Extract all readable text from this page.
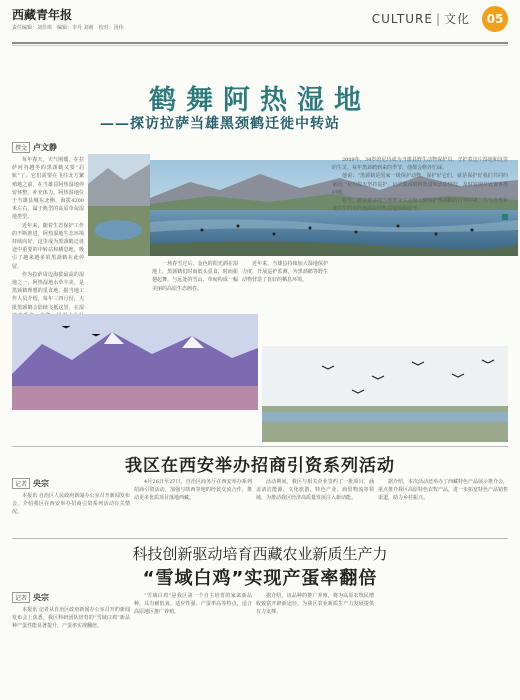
西藏青年报
责任编辑：刘佳琪　编辑：李丹 刘萌　校对：汤伟
CULTURE | 文化	05
鹤舞阿热湿地
——探访拉萨当雄黑颈鹤迁徙中转站
撰文 卢文静

每年春天，天气刚暖，在拉萨河谷越冬的黑颈鹤又要“启航”了。它们需要在飞往北方繁殖地之前，在当雄县阿热湿地停留休整，补充体力。阿热湿地位于当雄县城东北侧，海拔4200米左右，属于典型的高原草甸湿地类型。

近年来，随着生态保护工作的不断推进，阿热湿地生态环境持续向好，这里成为黑颈鹤迁徙途中重要的中转站和栖息地，吸引了越来越多的黑颈鹤在此停留。

作为拉萨周边海拔最高的湿地之一，阿热湿地水草丰美，是黑颈鹤理想的觅食地。据当地工作人员介绍，每年三四月份，大批黑颈鹤会陆续飞抵这里，在湿

一场春雪过后，金色的阳光洒在湿地上，黑颈鹤们时而低头觅食，时而振翅起舞，与远处的雪山、草甸构成一幅美丽的高原生态画卷。

近年来，当雄县持续加大湿地保护力度，开展巡护监测，为黑颈鹤等野生动物营造了良好的栖息环境。

2009年，34岁的尼玛成为当雄县野生动物保护员，守护着这片湿地和这里的生灵。每年黑颈鹤到来的季节，他都会格外忙碌。

他说：“黑颈鹤是国家一级保护动物，保护好它们，就是保护好我们共同的家园。”尼玛每天坚持巡护，记录黑颈鹤的数量和活动情况，及时发现并处置各类问题。

如今，越来越多的当地群众主动加入到保护黑颈鹤的行列中来，人与自然和谐共生的美好画面在阿热湿地徐徐展开。

我区在西安举办招商引资系列活动
记者 央宗

本报讯 自治区人民政府新闻办公室召开新闻发布会，介绍我区在西安举办招商引资系列活动有关情况。

4月26日至27日，自治区商务厅在西安举办系列招商引资活动，加强与陕西等地的经贸交流合作，推动更多优质项目落地西藏。

活动期间，我区与相关企业签约了一批项目，涵盖清洁能源、文化旅游、特色产业、商贸物流等领域，为推动我区经济高质量发展注入新动能。

据介绍，本次活动还举办了西藏特色产品展示推介会，重点推介我区高原特色农牧产品，进一步拓宽特色产品销售渠道，助力乡村振兴。

科技创新驱动培育西藏农业新质生产力
“雪域白鸡”实现产蛋率翻倍
记者 央宗

本报讯 记者从自治区政府新闻办公室召开的新闻发布会上获悉，我区科研团队培育的“雪域白鸡”新品种产蛋性能显著提升，产蛋率实现翻倍。

“雪域白鸡”是我区第一个自主培育的家禽新品种，具有耐低氧、适应性强、产蛋率高等特点，适合高原地区推广养殖。

据介绍，该品种的推广养殖，将为高原农牧民增收致富开辟新途径，为我区农业新质生产力发展提供有力支撑。
